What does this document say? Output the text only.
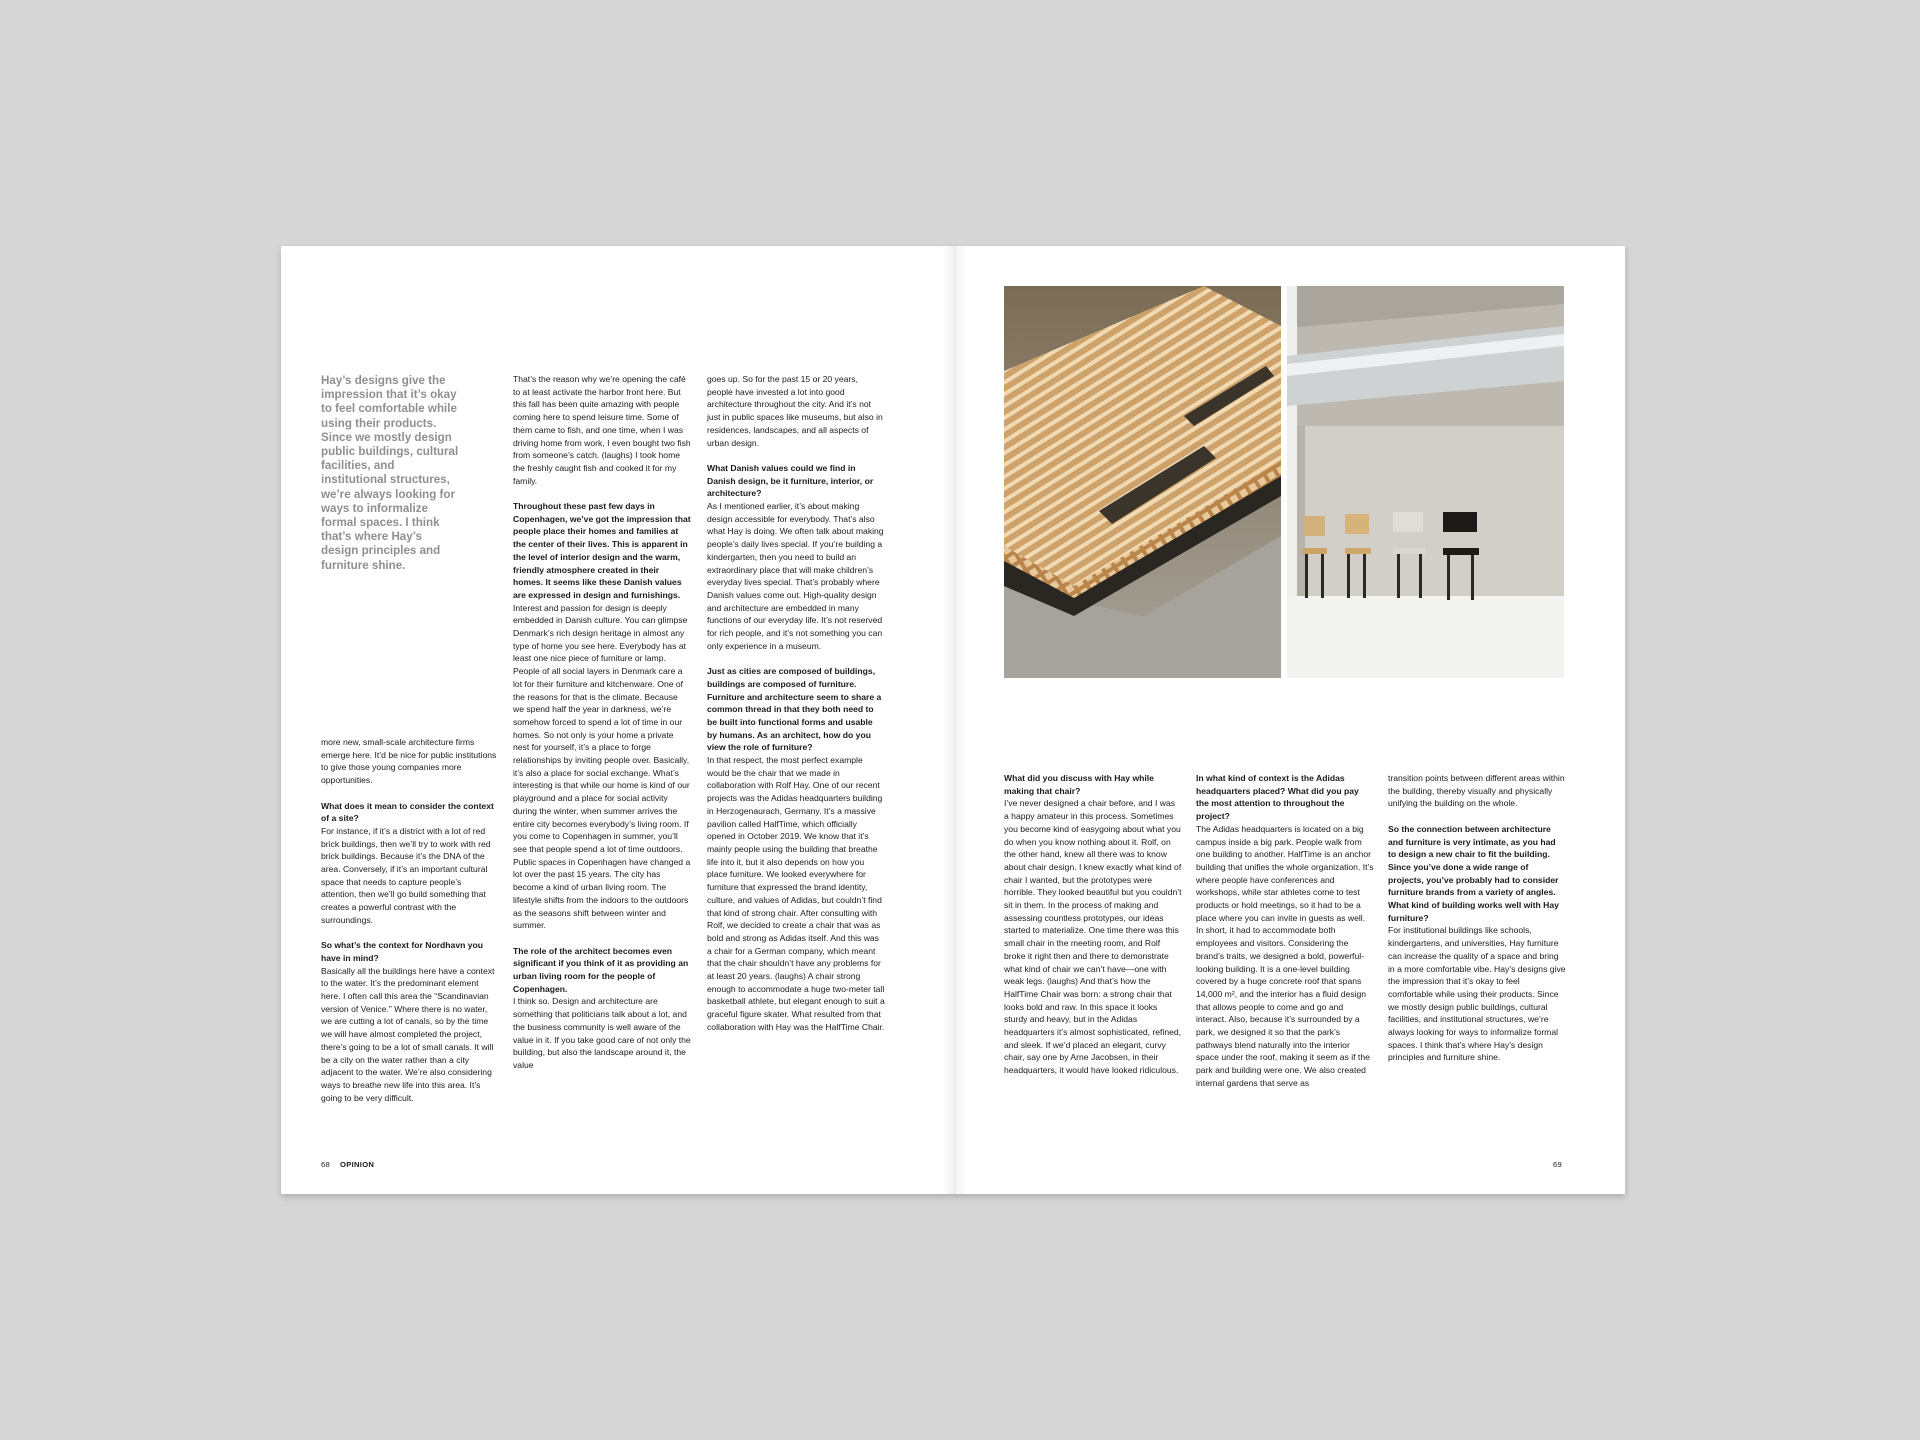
Hay’s designs give the impression that it’s okay to feel comfortable while using their products. Since we mostly design public buildings, cultural facilities, and institutional structures, we’re always looking for ways to informalize formal spaces. I think that’s where Hay’s design principles and furniture shine.

more new, small-scale architecture firms emerge here. It’d be nice for public institutions to give those young companies more opportunities.

What does it mean to consider the context of a site?

For instance, if it’s a district with a lot of red brick buildings, then we’ll try to work with red brick buildings. Because it’s the DNA of the area. Conversely, if it’s an important cultural space that needs to capture people’s attention, then we’ll go build something that creates a powerful contrast with the surroundings.

So what’s the context for Nordhavn you have in mind?

Basically all the buildings here have a context to the water. It’s the predominant element here. I often call this area the “Scandinavian version of Venice.” Where there is no water, we are cutting a lot of canals, so by the time we will have almost completed the project, there’s going to be a lot of small canals. It will be a city on the water rather than a city adjacent to the water. We’re also considering ways to breathe new life into this area. It’s going to be very difficult.

That’s the reason why we’re opening the café to at least activate the harbor front here. But this fall has been quite amazing with people coming here to spend leisure time. Some of them came to fish, and one time, when I was driving home from work, I even bought two fish from someone’s catch. (laughs) I took home the freshly caught fish and cooked it for my family.

Throughout these past few days in Copenhagen, we’ve got the impression that people place their homes and families at the center of their lives. This is apparent in the level of interior design and the warm, friendly atmosphere created in their homes. It seems like these Danish values are expressed in design and furnishings.

Interest and passion for design is deeply embedded in Danish culture. You can glimpse Denmark’s rich design heritage in almost any type of home you see here. Everybody has at least one nice piece of furniture or lamp. People of all social layers in Denmark care a lot for their furniture and kitchenware. One of the reasons for that is the climate. Because we spend half the year in darkness, we’re somehow forced to spend a lot of time in our homes. So not only is your home a private nest for yourself, it’s a place to forge relationships by inviting people over. Basically, it’s also a place for social exchange. What’s interesting is that while our home is kind of our playground and a place for social activity during the winter, when summer arrives the entire city becomes everybody’s living room. If you come to Copenhagen in summer, you’ll see that people spend a lot of time outdoors. Public spaces in Copenhagen have changed a lot over the past 15 years. The city has become a kind of urban living room. The lifestyle shifts from the indoors to the outdoors as the seasons shift between winter and summer.

The role of the architect becomes even significant if you think of it as providing an urban living room for the people of Copenhagen.

I think so. Design and architecture are something that politicians talk about a lot, and the business community is well aware of the value in it. If you take good care of not only the building, but also the landscape around it, the value

goes up. So for the past 15 or 20 years, people have invested a lot into good architecture throughout the city. And it’s not just in public spaces like museums, but also in residences, landscapes, and all aspects of urban design.

What Danish values could we find in Danish design, be it furniture, interior, or architecture?

As I mentioned earlier, it’s about making design accessible for everybody. That’s also what Hay is doing. We often talk about making people’s daily lives special. If you’re building a kindergarten, then you need to build an extraordinary place that will make children’s everyday lives special. That’s probably where Danish values come out. High-quality design and architecture are embedded in many functions of our everyday life. It’s not reserved for rich people, and it’s not something you can only experience in a museum.

Just as cities are composed of buildings, buildings are composed of furniture. Furniture and architecture seem to share a common thread in that they both need to be built into functional forms and usable by humans. As an architect, how do you view the role of furniture?

In that respect, the most perfect example would be the chair that we made in collaboration with Rolf Hay. One of our recent projects was the Adidas headquarters building in Herzogenaurach, Germany. It’s a massive pavilion called HalfTime, which officially opened in October 2019. We know that it’s mainly people using the building that breathe life into it, but it also depends on how you place furniture. We looked everywhere for furniture that expressed the brand identity, culture, and values of Adidas, but couldn’t find that kind of strong chair. After consulting with Rolf, we decided to create a chair that was as bold and strong as Adidas itself. And this was a chair for a German company, which meant that the chair shouldn’t have any problems for at least 20 years. (laughs) A chair strong enough to accommodate a huge two-meter tall basketball athlete, but elegant enough to suit a graceful figure skater. What resulted from that collaboration with Hay was the HalfTime Chair.

68 OPINION

What did you discuss with Hay while making that chair?

I’ve never designed a chair before, and I was a happy amateur in this process. Sometimes you become kind of easygoing about what you do when you know nothing about it. Rolf, on the other hand, knew all there was to know about chair design. I knew exactly what kind of chair I wanted, but the prototypes were horrible. They looked beautiful but you couldn’t sit in them. In the process of making and assessing countless prototypes, our ideas started to materialize. One time there was this small chair in the meeting room, and Rolf broke it right then and there to demonstrate what kind of chair we can’t have—one with weak legs. (laughs) And that’s how the HalfTime Chair was born: a strong chair that looks bold and raw. In this space it looks sturdy and heavy, but in the Adidas headquarters it’s almost sophisticated, refined, and sleek. If we’d placed an elegant, curvy chair, say one by Arne Jacobsen, in their headquarters, it would have looked ridiculous.

In what kind of context is the Adidas headquarters placed? What did you pay the most attention to throughout the project?

The Adidas headquarters is located on a big campus inside a big park. People walk from one building to another. HalfTime is an anchor building that unifies the whole organization. It’s where people have conferences and workshops, while star athletes come to test products or hold meetings, so it had to be a place where you can invite in guests as well. In short, it had to accommodate both employees and visitors. Considering the brand’s traits, we designed a bold, powerful-looking building. It is a one-level building covered by a huge concrete roof that spans 14,000 m², and the interior has a fluid design that allows people to come and go and interact. Also, because it’s surrounded by a park, we designed it so that the park’s pathways blend naturally into the interior space under the roof, making it seem as if the park and building were one. We also created internal gardens that serve as

transition points between different areas within the building, thereby visually and physically unifying the building on the whole.

So the connection between architecture and furniture is very intimate, as you had to design a new chair to fit the building. Since you’ve done a wide range of projects, you’ve probably had to consider furniture brands from a variety of angles. What kind of building works well with Hay furniture?

For institutional buildings like schools, kindergartens, and universities, Hay furniture can increase the quality of a space and bring in a more comfortable vibe. Hay’s designs give the impression that it’s okay to feel comfortable while using their products. Since we mostly design public buildings, cultural facilities, and institutional structures, we’re always looking for ways to informalize formal spaces. I think that’s where Hay’s design principles and furniture shine.

69
